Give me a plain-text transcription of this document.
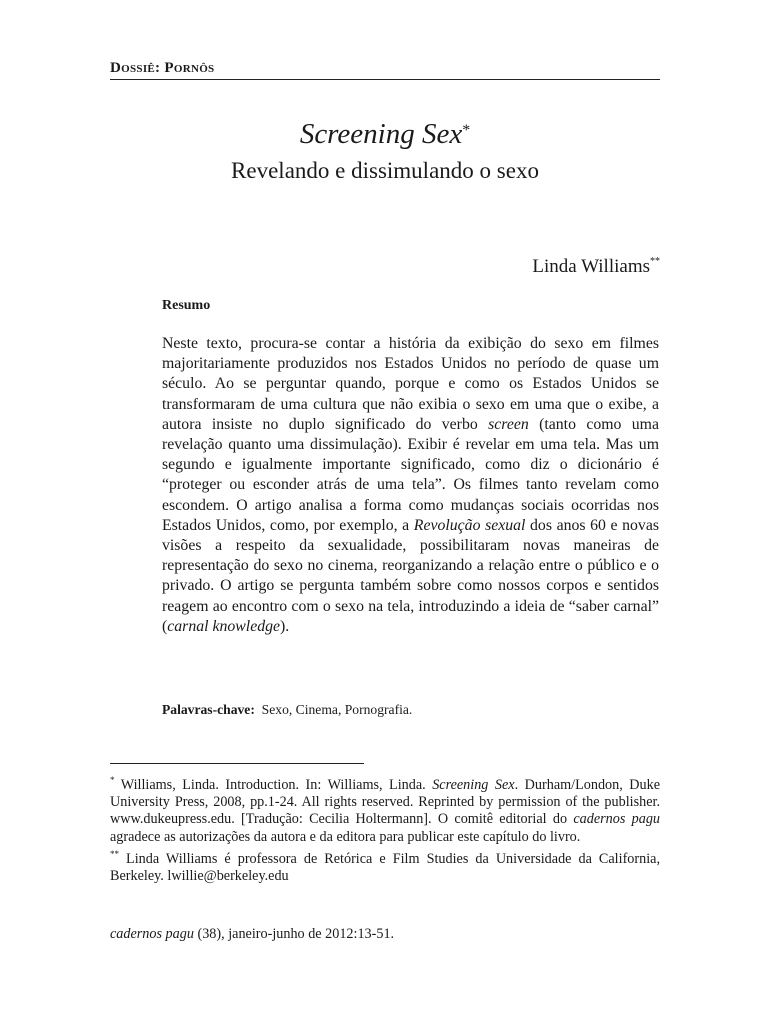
Dossiê: Pornôs
Screening Sex*
Revelando e dissimulando o sexo
Linda Williams**
Resumo

Neste texto, procura-se contar a história da exibição do sexo em filmes majoritariamente produzidos nos Estados Unidos no período de quase um século. Ao se perguntar quando, porque e como os Estados Unidos se transformaram de uma cultura que não exibia o sexo em uma que o exibe, a autora insiste no duplo significado do verbo screen (tanto como uma revelação quanto uma dissimulação). Exibir é revelar em uma tela. Mas um segundo e igualmente importante significado, como diz o dicionário é “proteger ou esconder atrás de uma tela”. Os filmes tanto revelam como escondem. O artigo analisa a forma como mudanças sociais ocorridas nos Estados Unidos, como, por exemplo, a Revolução sexual dos anos 60 e novas visões a respeito da sexualidade, possibilitaram novas maneiras de representação do sexo no cinema, reorganizando a relação entre o público e o privado. O artigo se pergunta também sobre como nossos corpos e sentidos reagem ao encontro com o sexo na tela, introduzindo a ideia de “saber carnal” (carnal knowledge).

Palavras-chave: Sexo, Cinema, Pornografia.

* Williams, Linda. Introduction. In: Williams, Linda. Screening Sex. Durham/London, Duke University Press, 2008, pp.1-24. All rights reserved. Reprinted by permission of the publisher. www.dukeupress.edu. [Tradução: Cecilia Holtermann]. O comitê editorial do cadernos pagu agradece as autorizações da autora e da editora para publicar este capítulo do livro.

** Linda Williams é professora de Retórica e Film Studies da Universidade da California, Berkeley. lwillie@berkeley.edu

cadernos pagu (38), janeiro-junho de 2012:13-51.
